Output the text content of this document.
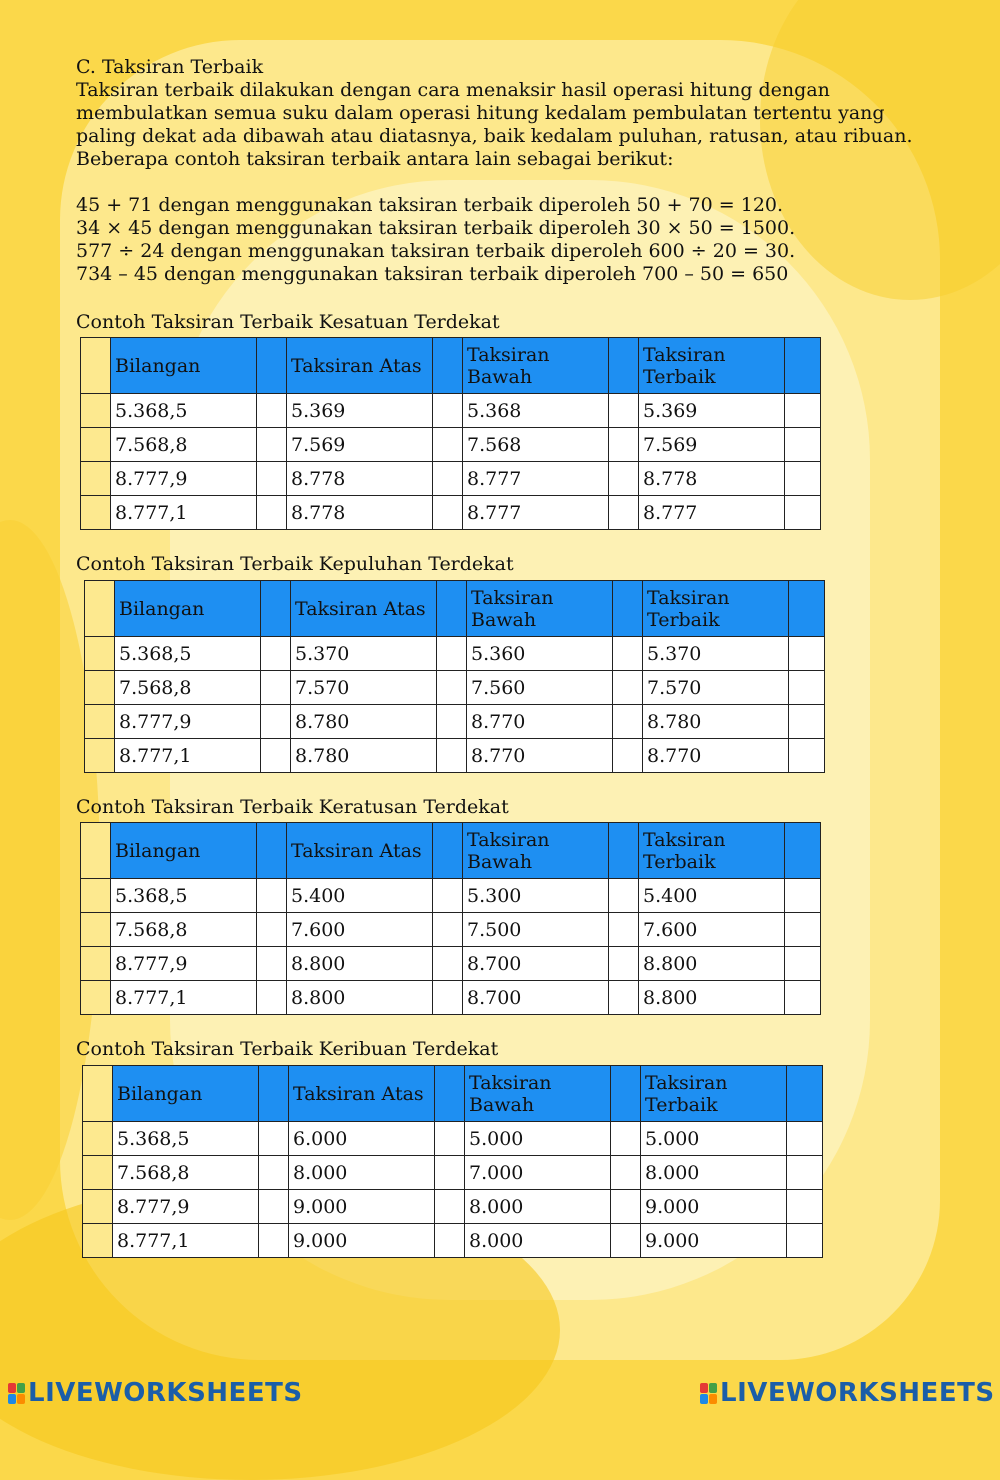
C. Taksiran Terbaik

Taksiran terbaik dilakukan dengan cara menaksir hasil operasi hitung dengan membulatkan semua suku dalam operasi hitung kedalam pembulatan tertentu yang paling dekat ada dibawah atau diatasnya, baik kedalam puluhan, ratusan, atau ribuan. Beberapa contoh taksiran terbaik antara lain sebagai berikut:

45 + 71 dengan menggunakan taksiran terbaik diperoleh 50 + 70 = 120.
34 × 45 dengan menggunakan taksiran terbaik diperoleh 30 × 50 = 1500.
577 ÷ 24 dengan menggunakan taksiran terbaik diperoleh 600 ÷ 20 = 30.
734 – 45 dengan menggunakan taksiran terbaik diperoleh 700 – 50 = 650
Contoh Taksiran Terbaik Kesatuan Terdekat
	Bilangan		Taksiran Atas		Taksiran Bawah		Taksiran Terbaik	
	5.368,5		5.369		5.368		5.369	
	7.568,8		7.569		7.568		7.569	
	8.777,9		8.778		8.777		8.778	
	8.777,1		8.778		8.777		8.777	
Contoh Taksiran Terbaik Kepuluhan Terdekat
	Bilangan		Taksiran Atas		Taksiran Bawah		Taksiran Terbaik	
	5.368,5		5.370		5.360		5.370	
	7.568,8		7.570		7.560		7.570	
	8.777,9		8.780		8.770		8.780	
	8.777,1		8.780		8.770		8.770	
Contoh Taksiran Terbaik Keratusan Terdekat
	Bilangan		Taksiran Atas		Taksiran Bawah		Taksiran Terbaik	
	5.368,5		5.400		5.300		5.400	
	7.568,8		7.600		7.500		7.600	
	8.777,9		8.800		8.700		8.800	
	8.777,1		8.800		8.700		8.800	
Contoh Taksiran Terbaik Keribuan Terdekat
	Bilangan		Taksiran Atas		Taksiran Bawah		Taksiran Terbaik	
	5.368,5		6.000		5.000		5.000	
	7.568,8		8.000		7.000		8.000	
	8.777,9		9.000		8.000		9.000	
	8.777,1		9.000		8.000		9.000	
LIVEWORKSHEETS	LIVEWORKSHEETS
